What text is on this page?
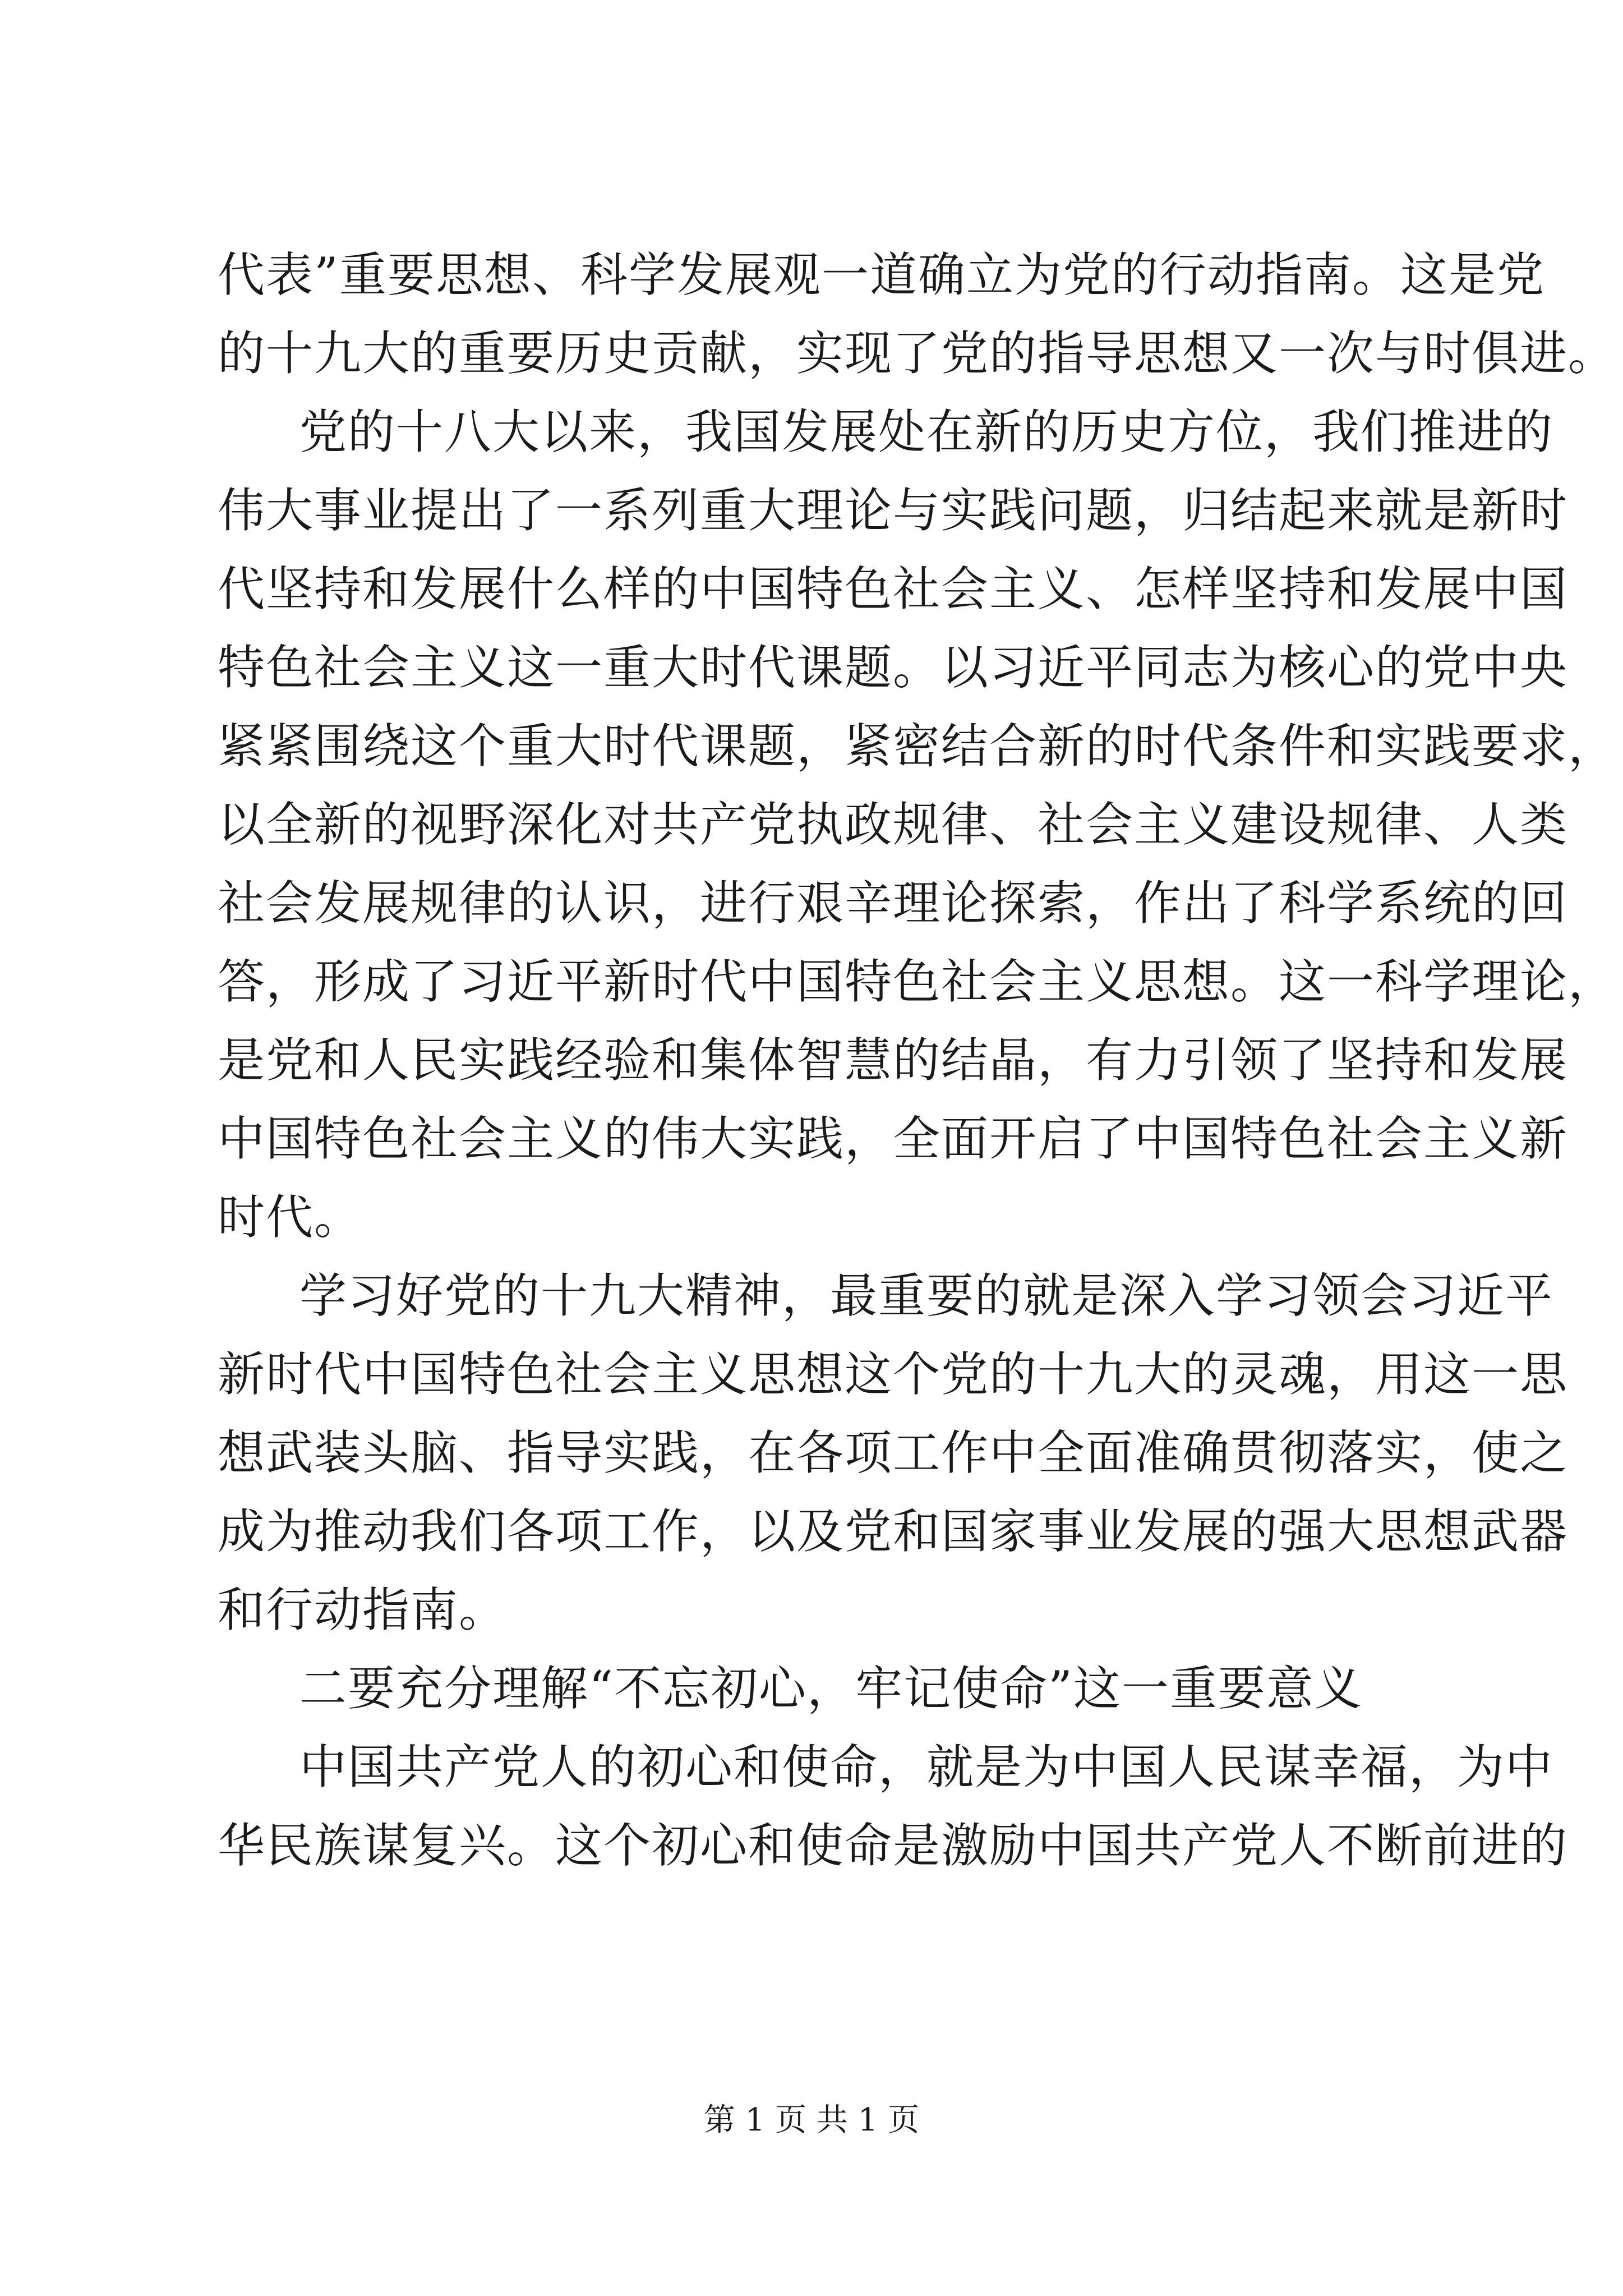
代表”重要思想、科学发展观一道确立为党的行动指南。这是党
的十九大的重要历史贡献，实现了党的指导思想又一次与时俱进。
党的十八大以来，我国发展处在新的历史方位，我们推进的
伟大事业提出了一系列重大理论与实践问题，归结起来就是新时
代坚持和发展什么样的中国特色社会主义、怎样坚持和发展中国
特色社会主义这一重大时代课题。以习近平同志为核心的党中央
紧紧围绕这个重大时代课题，紧密结合新的时代条件和实践要求，
以全新的视野深化对共产党执政规律、社会主义建设规律、人类
社会发展规律的认识，进行艰辛理论探索，作出了科学系统的回
答，形成了习近平新时代中国特色社会主义思想。这一科学理论，
是党和人民实践经验和集体智慧的结晶，有力引领了坚持和发展
中国特色社会主义的伟大实践，全面开启了中国特色社会主义新
时代。
学习好党的十九大精神，最重要的就是深入学习领会习近平
新时代中国特色社会主义思想这个党的十九大的灵魂，用这一思
想武装头脑、指导实践，在各项工作中全面准确贯彻落实，使之
成为推动我们各项工作，以及党和国家事业发展的强大思想武器
和行动指南。
二要充分理解“不忘初心，牢记使命”这一重要意义
中国共产党人的初心和使命，就是为中国人民谋幸福，为中
华民族谋复兴。这个初心和使命是激励中国共产党人不断前进的
第 1 页 共 1 页
